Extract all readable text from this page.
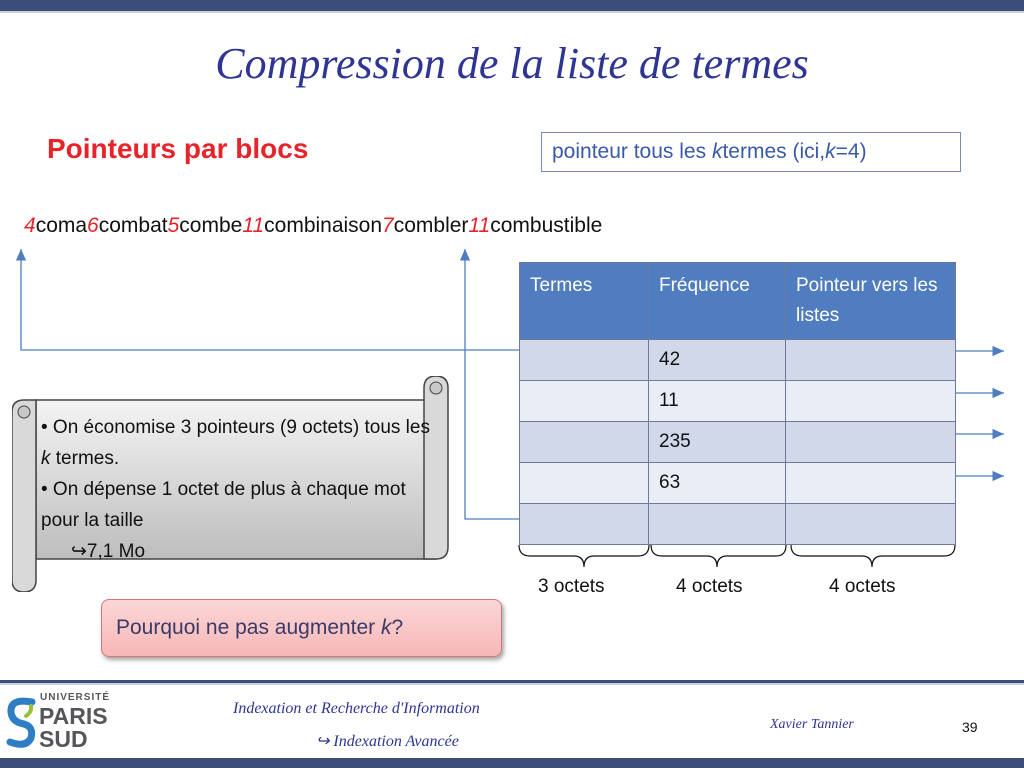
Compression de la liste de termes
Pointeurs par blocs	pointeur tous les
k termes (ici, k =4)
4coma6combat5combe11combinaison7combler11combustible
• On économise 3 pointeurs (9 octets) tous les k termes.
• On dépense 1 octet de plus à chaque mot pour la taille
↪7,1 Mo
Termes	Fréquence	Pointeur vers les listes
	42	
	11	
	235	
	63	

3 octets	4 octets	4 octets
Pourquoi ne pas augmenter
k ?
UNIVERSITÉ
PARIS
SUD
Indexation et Recherche d'Information
↪ Indexation Avancée
Xavier Tannier	39
